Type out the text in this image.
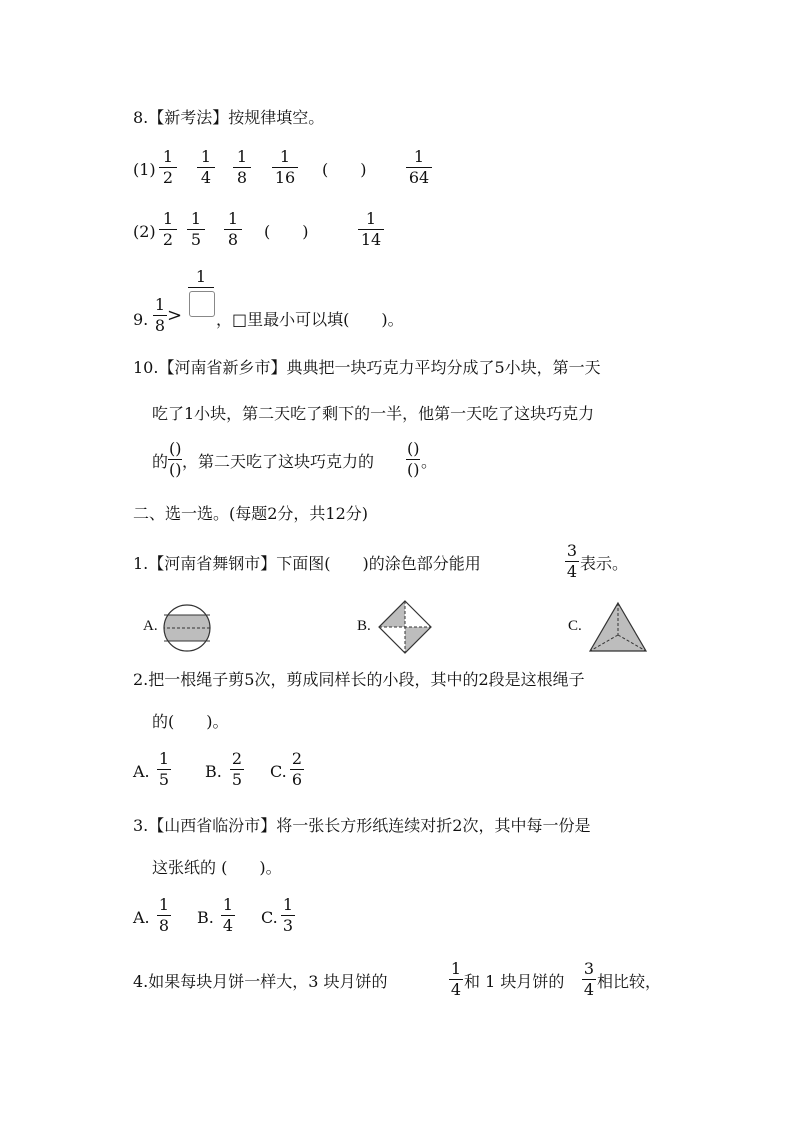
8.【新考法】按规律填空。
(1)
1
2
1
4
1
8
1
16 (　　)
1
64
(2)
1
2
1
5
1
8 (　　)
1
14
9.
1
8 >
1
，□里最小可以填(　　)。
10.【河南省新乡市】典典把一块巧克力平均分成了5小块，第一天
吃了1小块，第二天吃了剩下的一半，他第一天吃了这块巧克力
的
()
() ，第二天吃了这块巧克力的
()
() 。
二、选一选。(每题2分，共12分)
1.【河南省舞钢市】下面图(　　)的涂色部分能用
3
4 表示。
A.	B.	C.
2.把一根绳子剪5次，剪成同样长的小段，其中的2段是这根绳子
的(　　)。
A.
1
5 B.
2
5 C.
2
6
3.【山西省临汾市】将一张长方形纸连续对折2次，其中每一份是
这张纸的 (　　)。
A.
1
8 B.
1
4 C.
1
3
4.如果每块月饼一样大，3 块月饼的
1
4 和 1 块月饼的
3
4 相比较，
